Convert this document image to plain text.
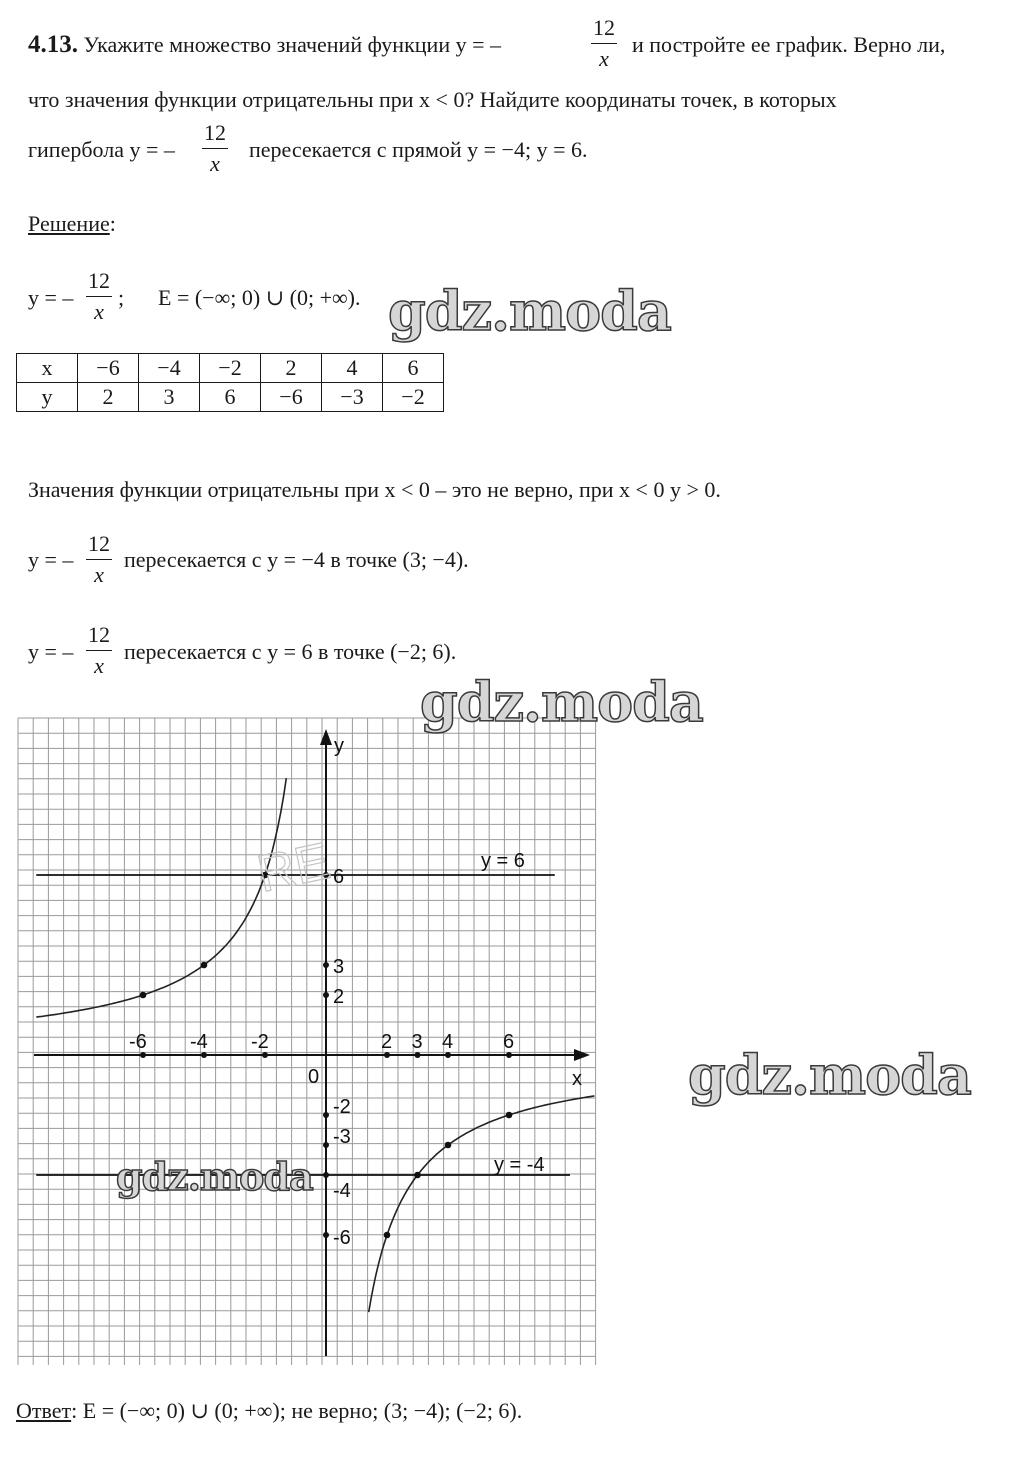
4.13. Укажите множество значений функции y = –
12
x
и постройте ее график. Верно ли,
что значения функции отрицательны при x < 0? Найдите координаты точек, в которых
гипербола y = –
12
x
пересекается с прямой y = −4; y = 6.
Решение:
y = –
12
x
; E = (−∞; 0) ∪ (0; +∞).
x	−6	−4	−2	2	4	6
y	2	3	6	−6	−3	−2
Значения функции отрицательны при x < 0 – это не верно, при x < 0 y > 0.
y = –
12
x
пересекается с y = −4 в точке (3; −4).
y = –
12
x
пересекается с y = 6 в точке (−2; 6).
-6 -4 -2	2 3 4 6
6
3
2
-2
-3
-4
-6
0	x
y
y = 6
y = -4
RE
gdz.moda
gdz.moda
gdz.moda
gdz.moda
Ответ: E = (−∞; 0) ∪ (0; +∞); не верно; (3; −4); (−2; 6).
